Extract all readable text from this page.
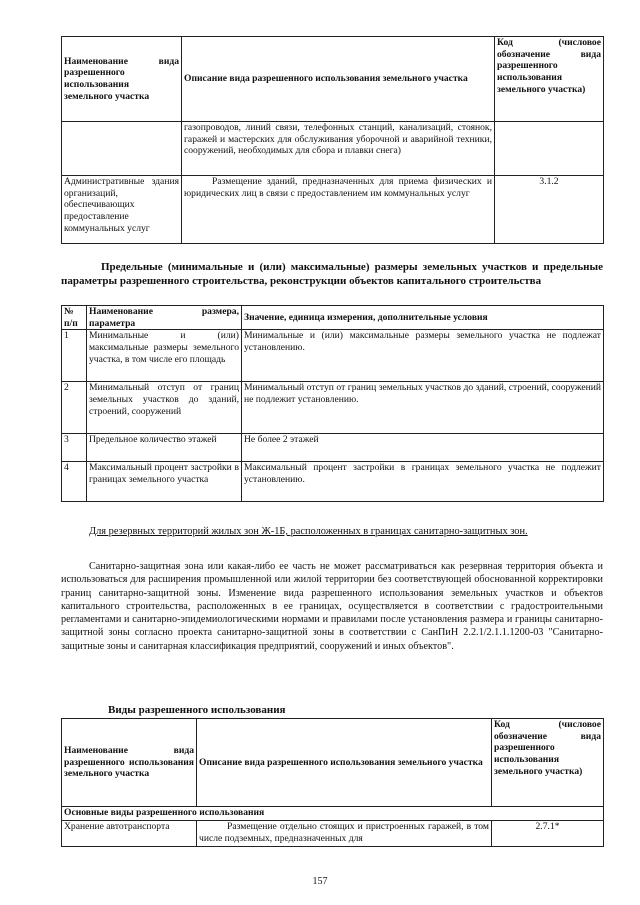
Наименование вида разрешенного использования земельного участка	Описание вида разрешенного использования земельного участка	Код (числовое обозначение вида разрешенного использования земельного участка)
	газопроводов, линий связи, телефонных станций, канализаций, стоянок, гаражей и мастерских для обслуживания уборочной и аварийной техники, сооружений, необходимых для сбора и плавки снега)	
Административные здания организаций, обеспечивающих предоставление коммунальных услуг	Размещение зданий, предназначенных для приема физических и юридических лиц в связи с предоставлением им коммунальных услуг	3.1.2
Предельные (минимальные и (или) максимальные) размеры земельных участков и предельные параметры разрешенного строительства, реконструкции объектов капитального строительства
№ п/п	Наименование размера, параметра	Значение, единица измерения, дополнительные условия
1	Минимальные и (или) максимальные размеры земельного участка, в том числе его площадь	Минимальные и (или) максимальные размеры земельного участка не подлежат установлению.
2	Минимальный отступ от границ земельных участков до зданий, строений, сооружений	Минимальный отступ от границ земельных участков до зданий, строений, сооружений не подлежит установлению.
3	Предельное количество этажей	Не более 2 этажей
4	Максимальный процент застройки в границах земельного участка	Максимальный процент застройки в границах земельного участка не подлежит установлению.
Для резервных территорий жилых зон Ж-1Б, расположенных в границах санитарно-защитных зон.
Санитарно-защитная зона или какая-либо ее часть не может рассматриваться как резервная территория объекта и использоваться для расширения промышленной или жилой территории без соответствующей обоснованной корректировки границ санитарно-защитной зоны. Изменение вида разрешенного использования земельных участков и объектов капитального строительства, расположенных в ее границах, осуществляется в соответствии с градостроительными регламентами и санитарно-эпидемиологическими нормами и правилами после установления размера и границы санитарно-защитной зоны согласно проекта санитарно-защитной зоны в соответствии с СанПиН 2.2.1/2.1.1.1200-03 "Санитарно-защитные зоны и санитарная классификация предприятий, сооружений и иных объектов".
Виды разрешенного использования
Наименование вида разрешенного использования земельного участка	Описание вида разрешенного использования земельного участка	Код (числовое обозначение вида разрешенного использования земельного участка)
Основные виды разрешенного использования		
Хранение автотранспорта	Размещение отдельно стоящих и пристроенных гаражей, в том числе подземных, предназначенных для	2.7.1*
157
